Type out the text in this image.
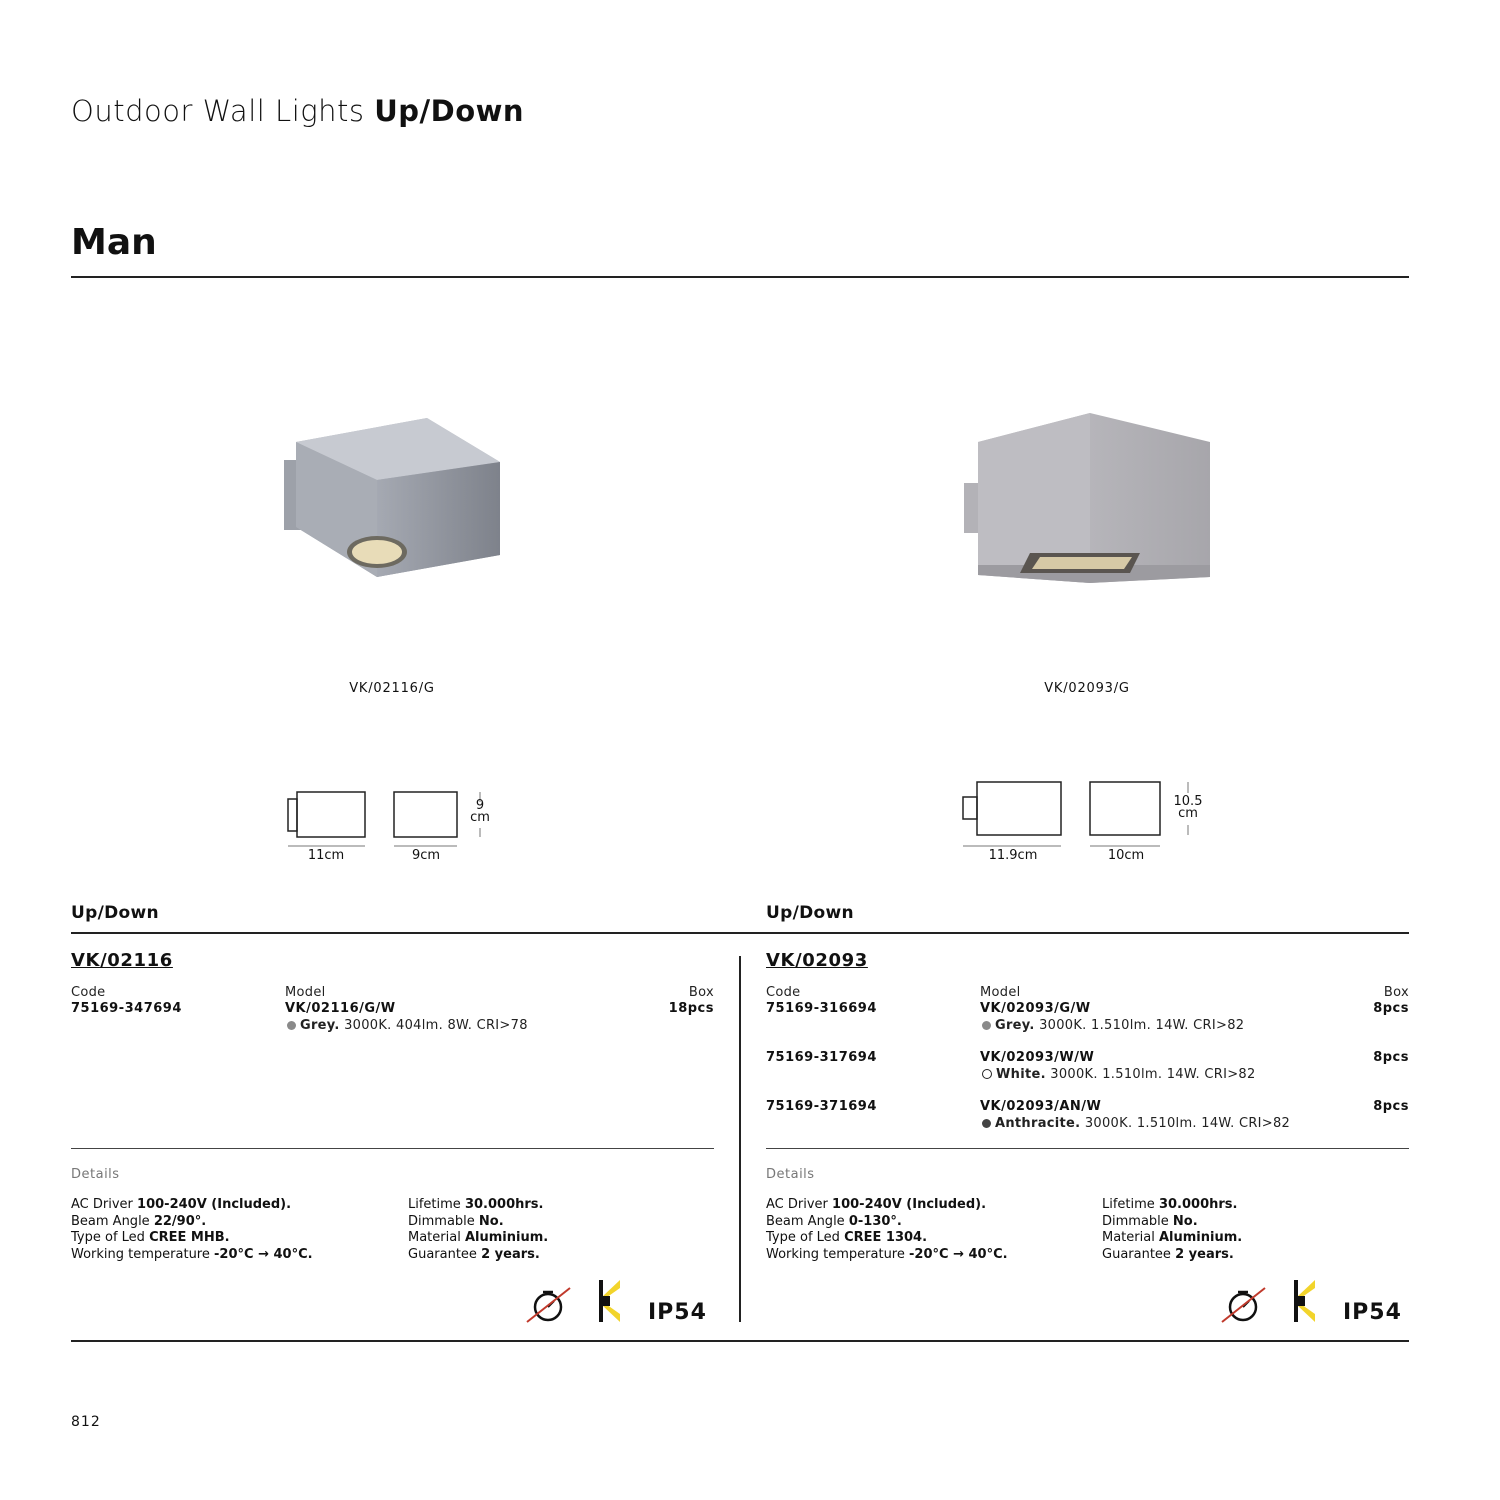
Outdoor Wall Lights Up/Down
Man
VK/02116/G	VK/02093/G
11cm	9cm
9
cm
11.9cm	10cm
10.5
cm
Up/Down	Up/Down
VK/02116
Code	Model	Box
75169-347694	VK/02116/G/W	18pcs
Grey. 3000K. 404lm. 8W. CRI>78
VK/02093
Code	Model	Box
75169-316694	VK/02093/G/W	8pcs
Grey. 3000K. 1.510lm. 14W. CRI>82
75169-317694	VK/02093/W/W	8pcs
White. 3000K. 1.510lm. 14W. CRI>82
75169-371694	VK/02093/AN/W	8pcs
Anthracite. 3000K. 1.510lm. 14W. CRI>82
Details
AC Driver 100-240V (Included).
Beam Angle 22/90°.
Type of Led CREE MHB.
Working temperature -20°C → 40°C.
Lifetime 30.000hrs.
Dimmable No.
Material Aluminium.
Guarantee 2 years.
Details
AC Driver 100-240V (Included).
Beam Angle 0-130°.
Type of Led CREE 1304.
Working temperature -20°C → 40°C.
Lifetime 30.000hrs.
Dimmable No.
Material Aluminium.
Guarantee 2 years.
IP54	IP54
812
